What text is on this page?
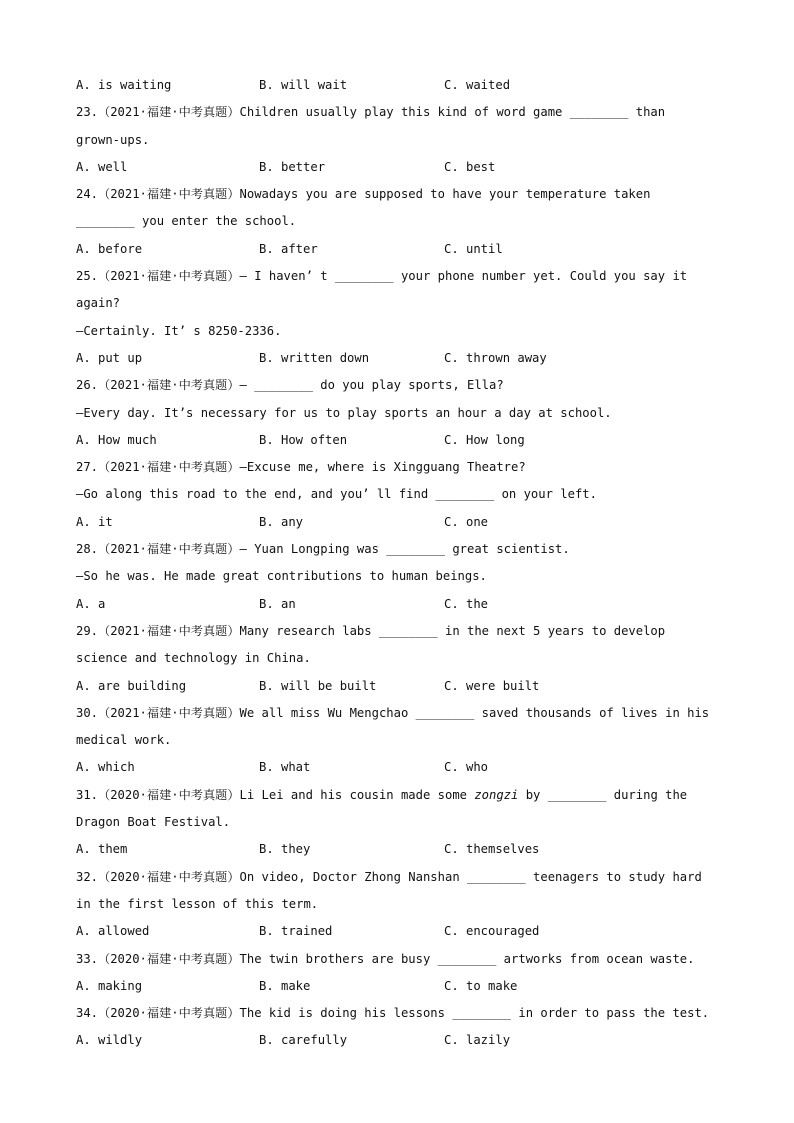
A. is waiting	B. will wait	C. waited
23.（2021·福建·中考真题）Children usually play this kind of word game ________ than
grown-ups.
A. well	B. better	C. best
24.（2021·福建·中考真题）Nowadays you are supposed to have your temperature taken
________ you enter the school.
A. before	B. after	C. until
25.（2021·福建·中考真题）— I haven’ t ________ your phone number yet. Could you say it
again?
—Certainly. It’ s 8250-2336.
A. put up	B. written down	C. thrown away
26.（2021·福建·中考真题）— ________ do you play sports, Ella?
—Every day. It’s necessary for us to play sports an hour a day at school.
A. How much	B. How often	C. How long
27.（2021·福建·中考真题）—Excuse me, where is Xingguang Theatre?
—Go along this road to the end, and you’ ll find ________ on your left.
A. it	B. any	C. one
28.（2021·福建·中考真题）— Yuan Longping was ________ great scientist.
—So he was. He made great contributions to human beings.
A. a	B. an	C. the
29.（2021·福建·中考真题）Many research labs ________ in the next 5 years to develop
science and technology in China.
A. are building	B. will be built	C. were built
30.（2021·福建·中考真题）We all miss Wu Mengchao ________ saved thousands of lives in his
medical work.
A. which	B. what	C. who
31.（2020·福建·中考真题）Li Lei and his cousin made some zongzi by ________ during the
Dragon Boat Festival.
A. them	B. they	C. themselves
32.（2020·福建·中考真题）On video, Doctor Zhong Nanshan ________ teenagers to study hard
in the first lesson of this term.
A. allowed	B. trained	C. encouraged
33.（2020·福建·中考真题）The twin brothers are busy ________ artworks from ocean waste.
A. making	B. make	C. to make
34.（2020·福建·中考真题）The kid is doing his lessons ________ in order to pass the test.
A. wildly	B. carefully	C. lazily
